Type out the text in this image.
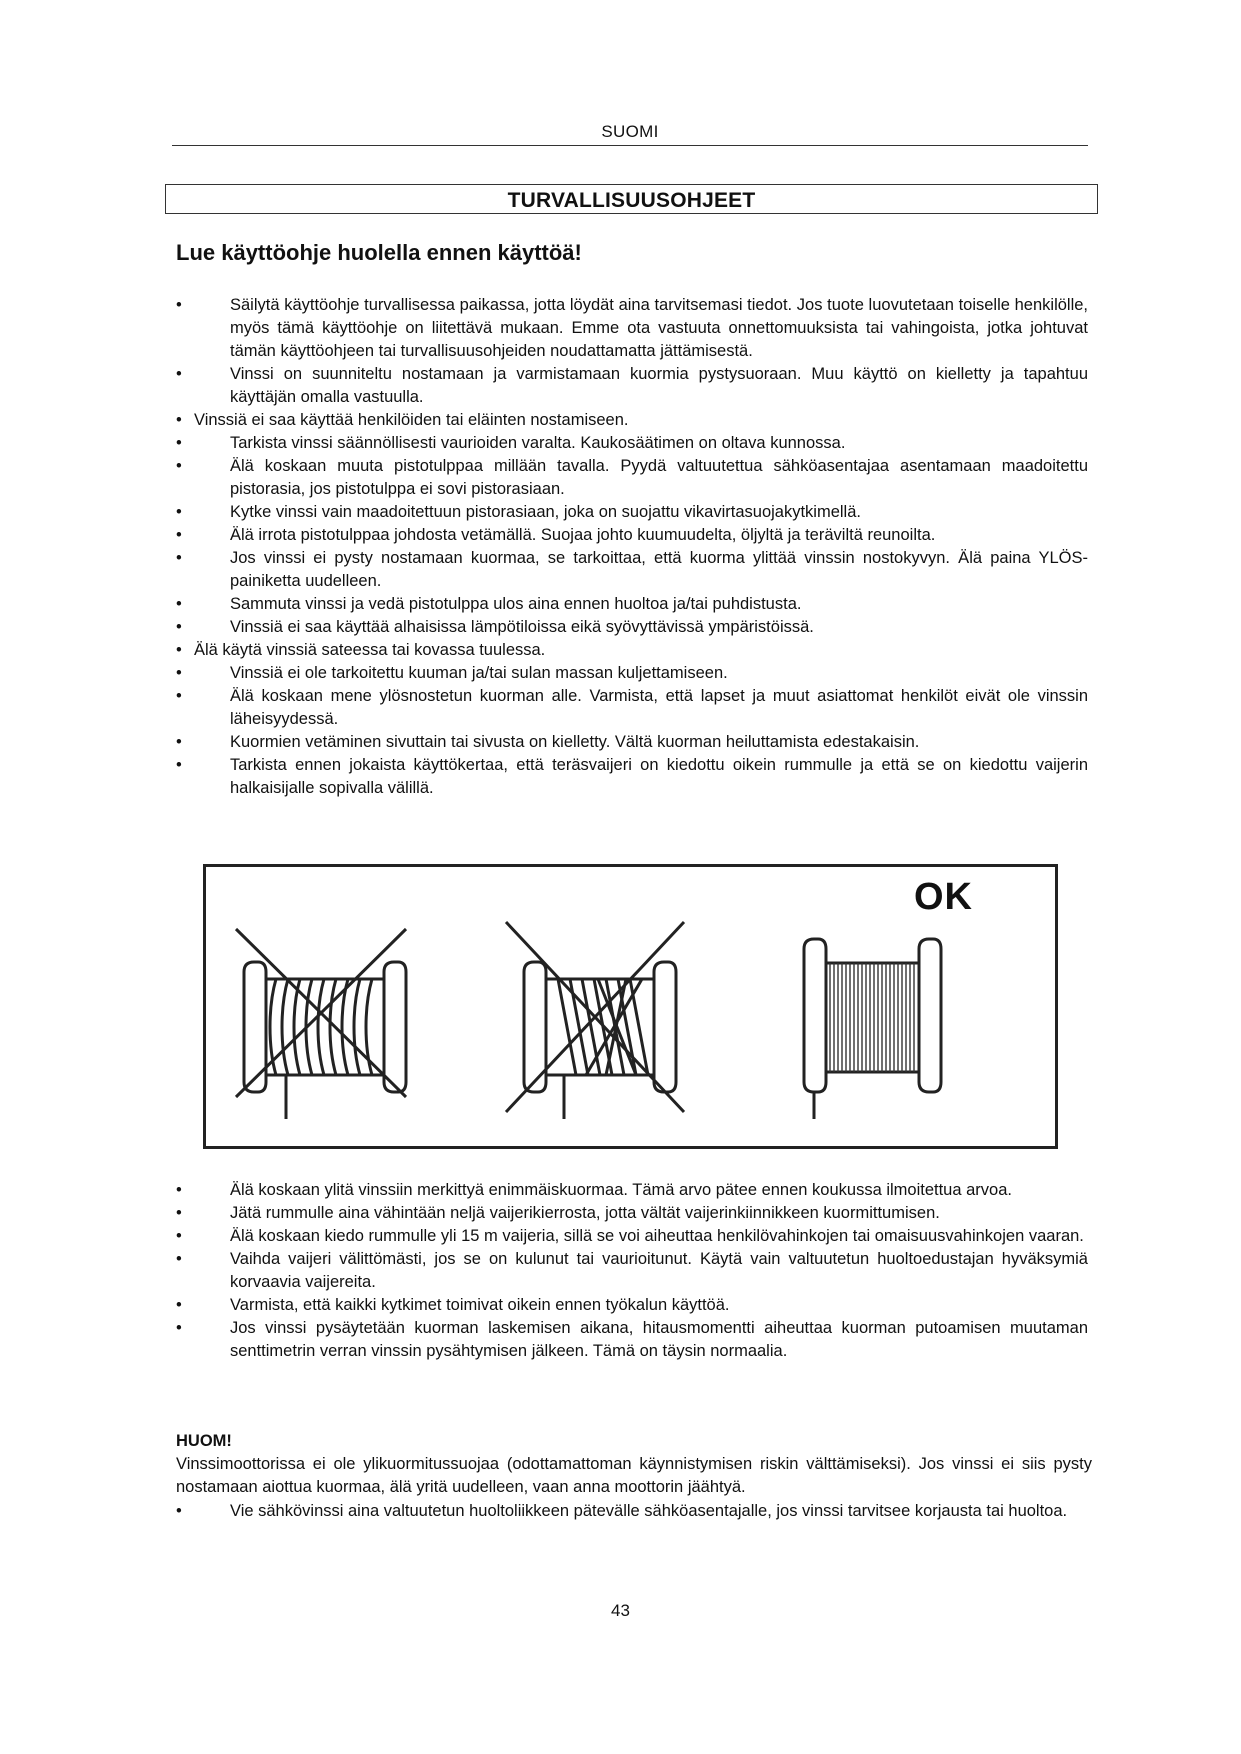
SUOMI
TURVALLISUUSOHJEET
Lue käyttöohje huolella ennen käyttöä!
• Säilytä käyttöohje turvallisessa paikassa, jotta löydät aina tarvitsemasi tiedot. Jos tuote luovutetaan toiselle henkilölle, myös tämä käyttöohje on liitettävä mukaan. Emme ota vastuuta onnettomuuksista tai vahingoista, jotka johtuvat tämän käyttöohjeen tai turvallisuusohjeiden noudattamatta jättämisestä.
• Vinssi on suunniteltu nostamaan ja varmistamaan kuormia pystysuoraan. Muu käyttö on kielletty ja tapahtuu käyttäjän omalla vastuulla.
• Vinssiä ei saa käyttää henkilöiden tai eläinten nostamiseen.
• Tarkista vinssi säännöllisesti vaurioiden varalta. Kaukosäätimen on oltava kunnossa.
• Älä koskaan muuta pistotulppaa millään tavalla. Pyydä valtuutettua sähköasentajaa asentamaan maadoitettu pistorasia, jos pistotulppa ei sovi pistorasiaan.
• Kytke vinssi vain maadoitettuun pistorasiaan, joka on suojattu vikavirtasuojakytkimellä.
• Älä irrota pistotulppaa johdosta vetämällä. Suojaa johto kuumuudelta, öljyltä ja teräviltä reunoilta.
• Jos vinssi ei pysty nostamaan kuormaa, se tarkoittaa, että kuorma ylittää vinssin nostokyvyn. Älä paina YLÖS-painiketta uudelleen.
• Sammuta vinssi ja vedä pistotulppa ulos aina ennen huoltoa ja/tai puhdistusta.
• Vinssiä ei saa käyttää alhaisissa lämpötiloissa eikä syövyttävissä ympäristöissä.
• Älä käytä vinssiä sateessa tai kovassa tuulessa.
• Vinssiä ei ole tarkoitettu kuuman ja/tai sulan massan kuljettamiseen.
• Älä koskaan mene ylösnostetun kuorman alle. Varmista, että lapset ja muut asiattomat henkilöt eivät ole vinssin läheisyydessä.
• Kuormien vetäminen sivuttain tai sivusta on kielletty. Vältä kuorman heiluttamista edestakaisin.
• Tarkista ennen jokaista käyttökertaa, että teräsvaijeri on kiedottu oikein rummulle ja että se on kiedottu vaijerin halkaisijalle sopivalla välillä.
OK
• Älä koskaan ylitä vinssiin merkittyä enimmäiskuormaa. Tämä arvo pätee ennen koukussa ilmoitettua arvoa.
• Jätä rummulle aina vähintään neljä vaijerikierrosta, jotta vältät vaijerinkiinnikkeen kuormittumisen.
• Älä koskaan kiedo rummulle yli 15 m vaijeria, sillä se voi aiheuttaa henkilövahinkojen tai omaisuusvahinkojen vaaran.
• Vaihda vaijeri välittömästi, jos se on kulunut tai vaurioitunut. Käytä vain valtuutetun huoltoedustajan hyväksymiä korvaavia vaijereita.
• Varmista, että kaikki kytkimet toimivat oikein ennen työkalun käyttöä.
• Jos vinssi pysäytetään kuorman laskemisen aikana, hitausmomentti aiheuttaa kuorman putoamisen muutaman senttimetrin verran vinssin pysähtymisen jälkeen. Tämä on täysin normaalia.
HUOM!
Vinssimoottorissa ei ole ylikuormitussuojaa (odottamattoman käynnistymisen riskin välttämiseksi). Jos vinssi ei siis pysty nostamaan aiottua kuormaa, älä yritä uudelleen, vaan anna moottorin jäähtyä.
• Vie sähkövinssi aina valtuutetun huoltoliikkeen pätevälle sähköasentajalle, jos vinssi tarvitsee korjausta tai huoltoa.
43
